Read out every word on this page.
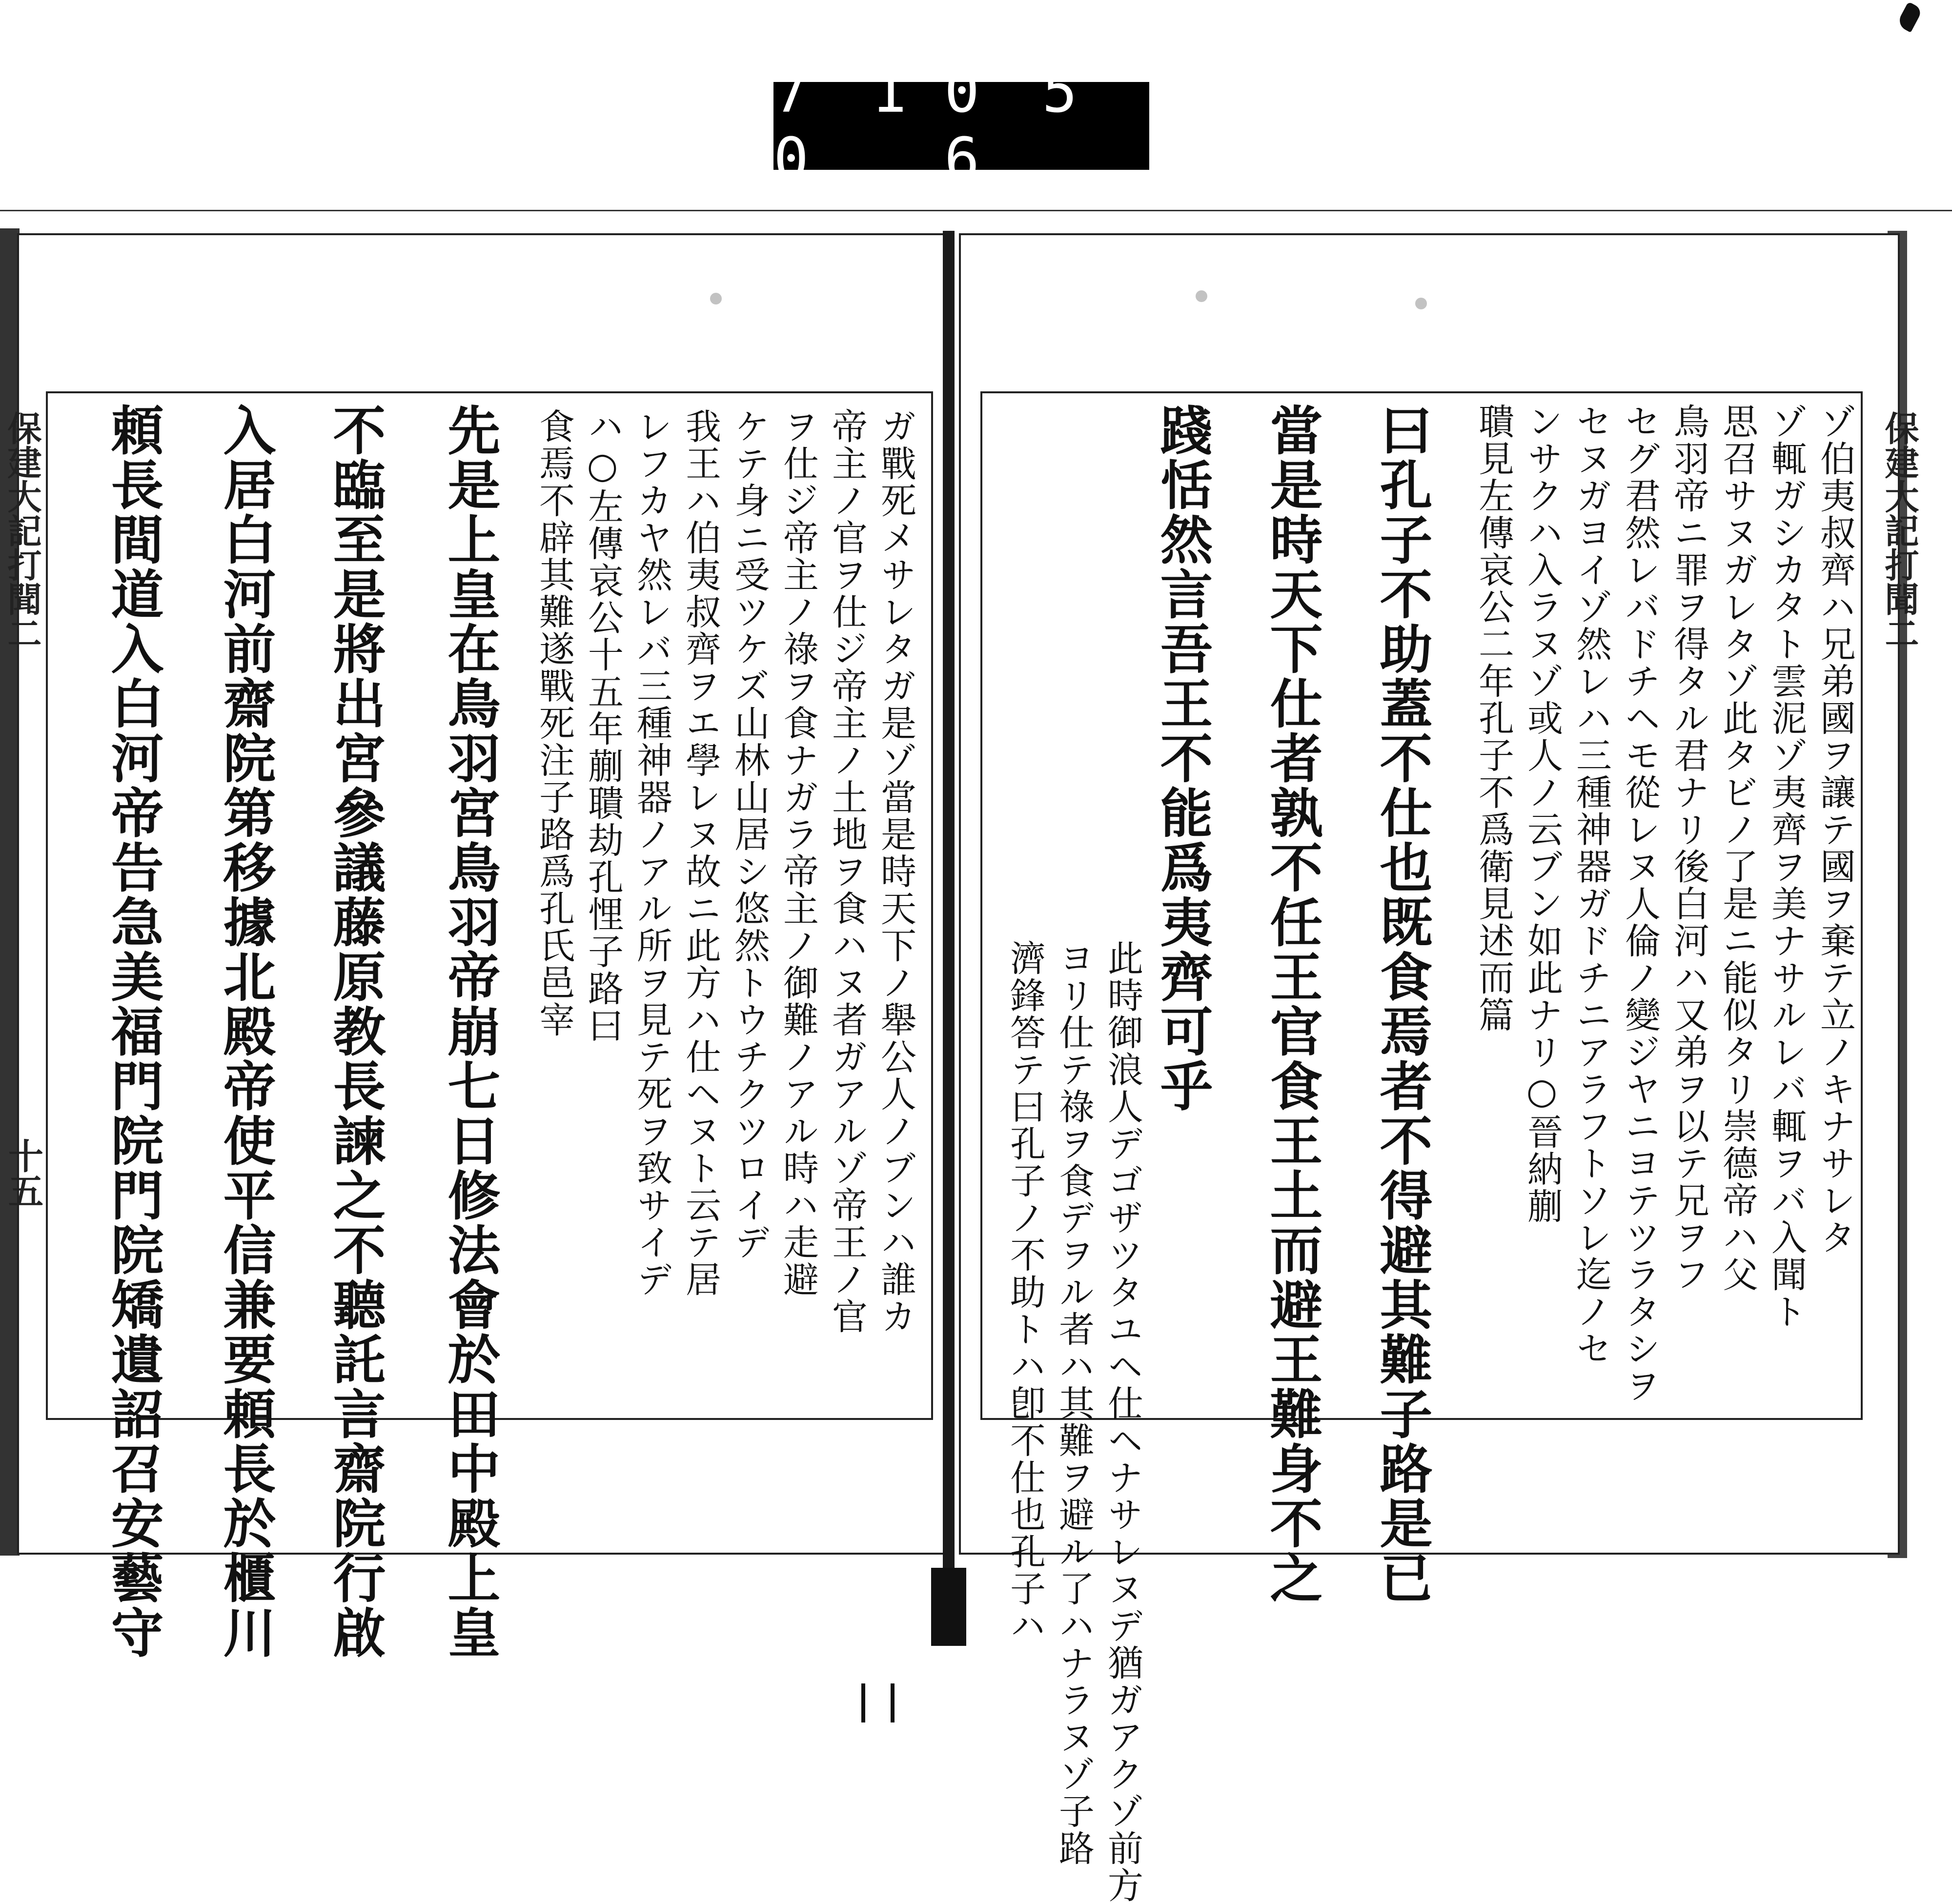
7 1 0
0 5 6.
保建大記打聞二
十五 頼長間道入白河帝告急美福門院門院矯遺詔召安藝守 入居白河前齋院第移據北殿帝使平信兼要頼長於櫃川 不臨至是將出宮參議藤原教長諫之不聽託言齋院行啟 先是上皇在鳥羽宮鳥羽帝崩七日修法會於田中殿上皇 食焉不辟其難遂戰死注子路爲孔氏邑宰 ハ○左傳哀公十五年蒯聵劫孔悝子路曰 レフカヤ然レバ三種神器ノアル所ヲ見テ死ヲ致サイデ 我王ハ伯夷叔齊ヲエ學レヌ故ニ此方ハ仕ヘヌト云テ居 ケテ身ニ受ツケズ山林山居シ悠然トウチクツロイデ ヲ仕ジ帝主ノ祿ヲ食ナガラ帝主ノ御難ノアル時ハ走避 帝主ノ官ヲ仕ジ帝主ノ土地ヲ食ハヌ者ガアルゾ帝王ノ官 ガ戰死メサレタガ是ゾ當是時天下ノ舉公人ノブンハ誰カ	保建大記打聞二
ゾ伯夷叔齊ハ兄弟國ヲ讓テ國ヲ棄テ立ノキナサレタ
ゾ輒ガシカタト雲泥ゾ夷齊ヲ美ナサルレバ輒ヲバ入聞ト
思召サヌガレタゾ此タビノ了是ニ能似タリ崇德帝ハ父
鳥羽帝ニ罪ヲ得タル君ナリ後白河ハ又弟ヲ以テ兄ヲフ
セグ君然レバドチヘモ從レヌ人倫ノ變ジヤニヨテツラタシヲ
セヌガヨイゾ然レハ三種神器ガドチニアラフトソレ迄ノセ
ンサクハ入ラヌゾ或人ノ云ブン如此ナリ○晉納蒯
聵見左傳哀公二年孔子不爲衛見述而篇
曰孔子不助蓋不仕也既食焉者不得避其難子路是已
當是時天下仕者孰不任王官食王土而避王難身不之
踐恬然言吾王不能爲夷齊可乎
此時御浪人デゴザツタユヘ仕ヘナサレヌデ猶ガアクゾ前方
ヨリ仕テ祿ヲ食デヲル者ハ其難ヲ避ル了ハナラヌゾ子路
濟鋒答テ曰孔子ノ不助トハ卽不仕也孔子ハ
